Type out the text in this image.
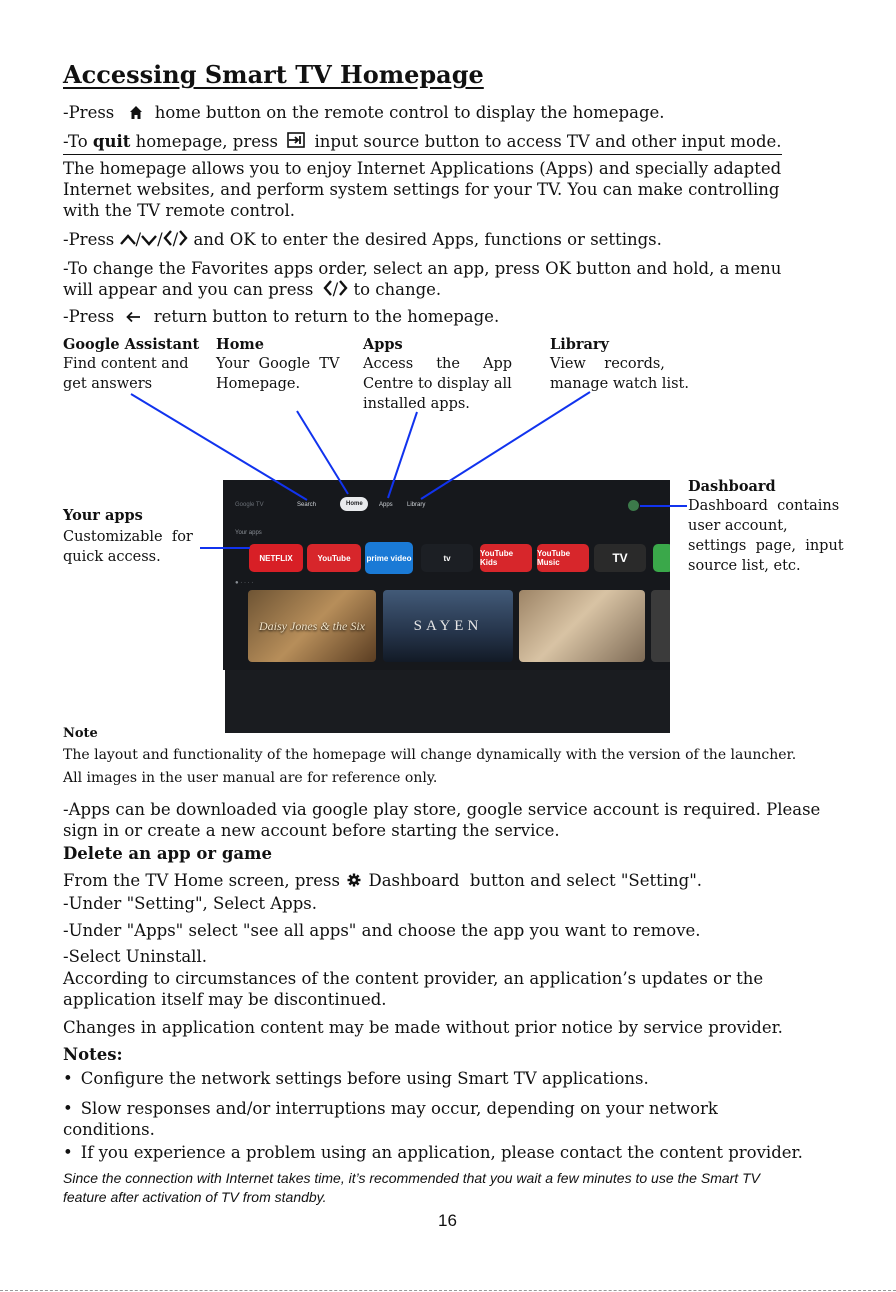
Accessing Smart TV Homepage
-Press home button on the remote control to display the homepage.
-To quit homepage, press input source button to access TV and other input mode.
The homepage allows you to enjoy Internet Applications (Apps) and specially adapted
Internet websites, and perform system settings for your TV. You can make controlling
with the TV remote control.
-Press / / / and OK to enter the desired Apps, functions or settings.
-To change the Favorites apps order, select an app, press OK button and hold, a menu
will appear and you can press / to change.
-Press return button to return to the homepage.
Google Assistant
Find content and
get answers
Home
Your  Google  TV
Homepage.
Apps
Access     the     App
Centre to display all
installed apps.
Library
View    records,
manage watch list.
Dashboard
Dashboard  contains
user account,
settings  page,  input
source list, etc.
Your apps
Customizable  for
quick access.
Google TV	Search	Home	Apps Library
Your apps
NETFLIX	YouTube	prime video	tv	YouTube Kids
YouTube Music	TV
● · · · ·
Daisy Jones & the Six	SAYEN
Note
The layout and functionality of the homepage will change dynamically with the version of the launcher.
All images in the user manual are for reference only.
-Apps can be downloaded via google play store, google service account is required. Please
sign in or create a new account before starting the service.
Delete an app or game
From the TV Home screen, press Dashboard  button and select "Setting".
-Under "Setting", Select Apps.
-Under "Apps" select "see all apps" and choose the app you want to remove.
-Select Uninstall.
According to circumstances of the content provider, an application’s updates or the
application itself may be discontinued.
Changes in application content may be made without prior notice by service provider.
Notes:
• Configure the network settings before using Smart TV applications.
• Slow responses and/or interruptions may occur, depending on your network
conditions.
• If you experience a problem using an application, please contact the content provider.
Since the connection with Internet takes time, it’s recommended that you wait a few minutes to use the Smart TV
feature after activation of TV from standby.
16
